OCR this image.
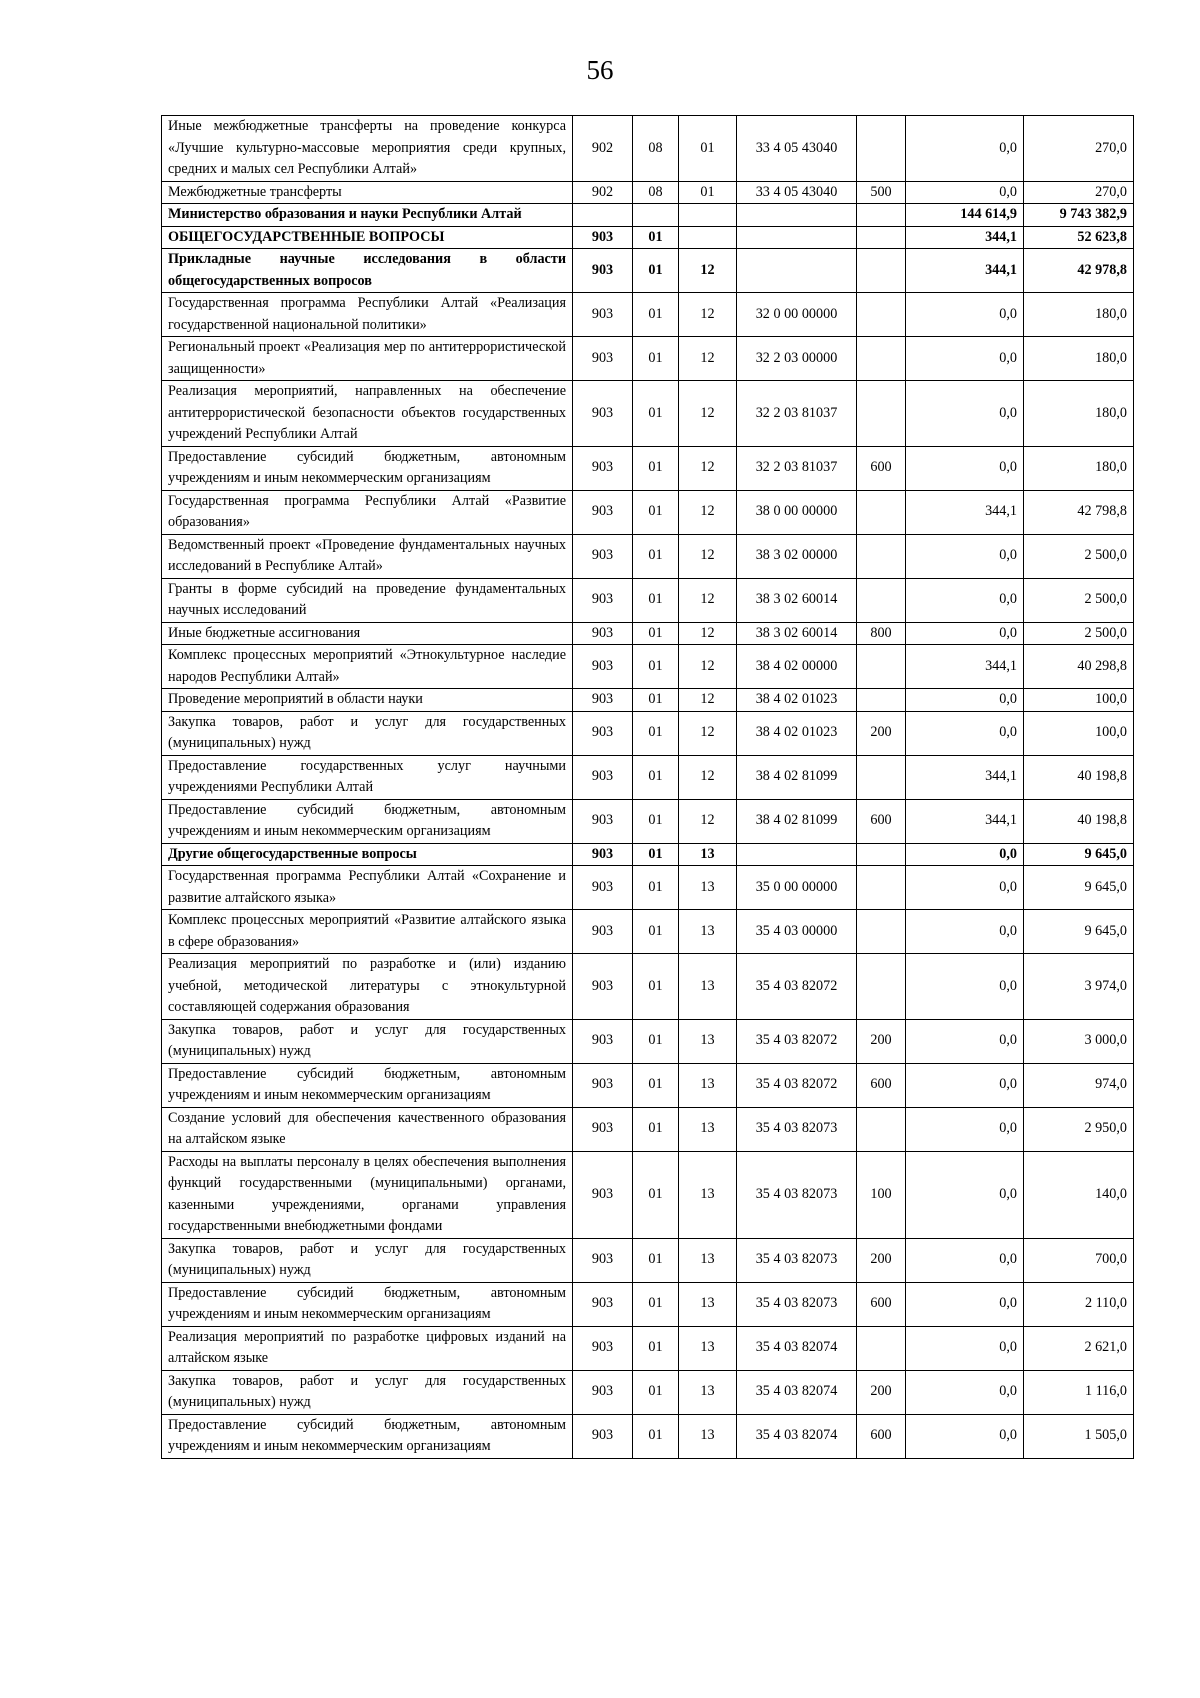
56
Иные межбюджетные трансферты на проведение конкурса «Лучшие культурно-массовые мероприятия среди крупных, средних и малых сел Республики Алтай»	902	08	01	33 4 05 43040		0,0	270,0
Межбюджетные трансферты	902	08	01	33 4 05 43040	500	0,0	270,0
Министерство образования и науки Республики Алтай						144 614,9	9 743 382,9
ОБЩЕГОСУДАРСТВЕННЫЕ ВОПРОСЫ	903	01				344,1	52 623,8
Прикладные научные исследования в области общегосударственных вопросов	903	01	12			344,1	42 978,8
Государственная программа Республики Алтай «Реализация государственной национальной политики»	903	01	12	32 0 00 00000		0,0	180,0
Региональный проект «Реализация мер по антитеррористической защищенности»	903	01	12	32 2 03 00000		0,0	180,0
Реализация мероприятий, направленных на обеспечение антитеррористической безопасности объектов государственных учреждений Республики Алтай	903	01	12	32 2 03 81037		0,0	180,0
Предоставление субсидий бюджетным, автономным учреждениям и иным некоммерческим организациям	903	01	12	32 2 03 81037	600	0,0	180,0
Государственная программа Республики Алтай «Развитие образования»	903	01	12	38 0 00 00000		344,1	42 798,8
Ведомственный проект «Проведение фундаментальных научных исследований в Республике Алтай»	903	01	12	38 3 02 00000		0,0	2 500,0
Гранты в форме субсидий на проведение фундаментальных научных исследований	903	01	12	38 3 02 60014		0,0	2 500,0
Иные бюджетные ассигнования	903	01	12	38 3 02 60014	800	0,0	2 500,0
Комплекс процессных мероприятий «Этнокультурное наследие народов Республики Алтай»	903	01	12	38 4 02 00000		344,1	40 298,8
Проведение мероприятий в области науки	903	01	12	38 4 02 01023		0,0	100,0
Закупка товаров, работ и услуг для государственных (муниципальных) нужд	903	01	12	38 4 02 01023	200	0,0	100,0
Предоставление государственных услуг научными учреждениями Республики Алтай	903	01	12	38 4 02 81099		344,1	40 198,8
Предоставление субсидий бюджетным, автономным учреждениям и иным некоммерческим организациям	903	01	12	38 4 02 81099	600	344,1	40 198,8
Другие общегосударственные вопросы	903	01	13			0,0	9 645,0
Государственная программа Республики Алтай «Сохранение и развитие алтайского языка»	903	01	13	35 0 00 00000		0,0	9 645,0
Комплекс процессных мероприятий «Развитие алтайского языка в сфере образования»	903	01	13	35 4 03 00000		0,0	9 645,0
Реализация мероприятий по разработке и (или) изданию учебной, методической литературы с этнокультурной составляющей содержания образования	903	01	13	35 4 03 82072		0,0	3 974,0
Закупка товаров, работ и услуг для государственных (муниципальных) нужд	903	01	13	35 4 03 82072	200	0,0	3 000,0
Предоставление субсидий бюджетным, автономным учреждениям и иным некоммерческим организациям	903	01	13	35 4 03 82072	600	0,0	974,0
Создание условий для обеспечения качественного образования на алтайском языке	903	01	13	35 4 03 82073		0,0	2 950,0
Расходы на выплаты персоналу в целях обеспечения выполнения функций государственными (муниципальными) органами, казенными учреждениями, органами управления государственными внебюджетными фондами	903	01	13	35 4 03 82073	100	0,0	140,0
Закупка товаров, работ и услуг для государственных (муниципальных) нужд	903	01	13	35 4 03 82073	200	0,0	700,0
Предоставление субсидий бюджетным, автономным учреждениям и иным некоммерческим организациям	903	01	13	35 4 03 82073	600	0,0	2 110,0
Реализация мероприятий по разработке цифровых изданий на алтайском языке	903	01	13	35 4 03 82074		0,0	2 621,0
Закупка товаров, работ и услуг для государственных (муниципальных) нужд	903	01	13	35 4 03 82074	200	0,0	1 116,0
Предоставление субсидий бюджетным, автономным учреждениям и иным некоммерческим организациям	903	01	13	35 4 03 82074	600	0,0	1 505,0
